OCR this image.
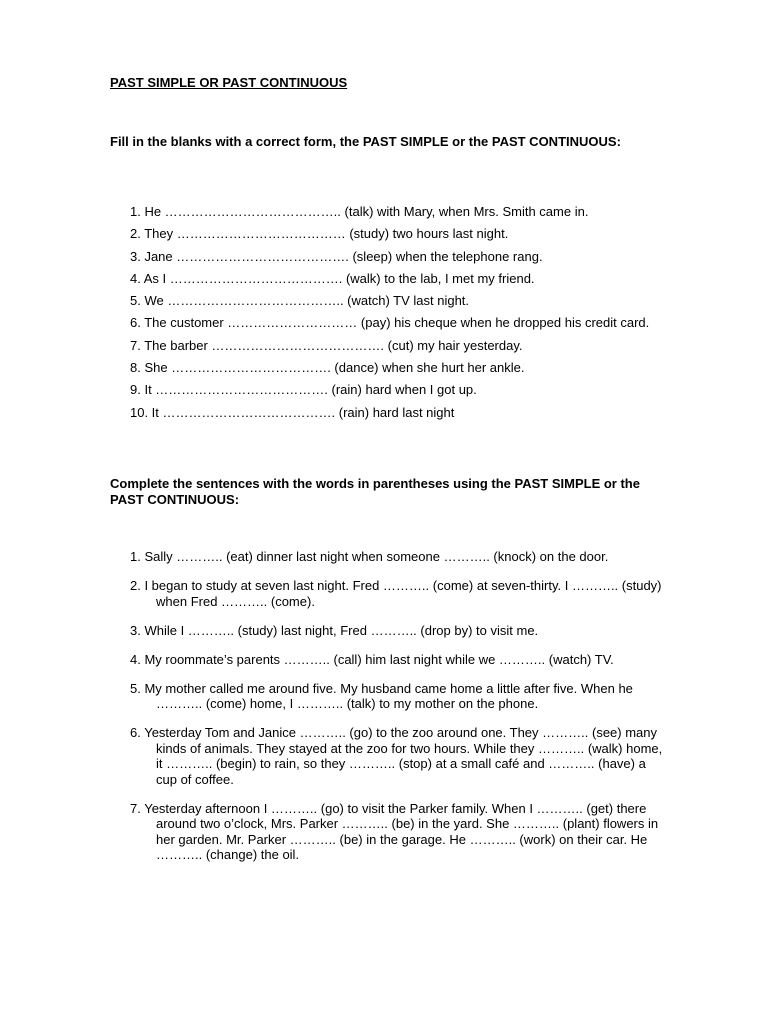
PAST SIMPLE OR PAST CONTINUOUS
Fill in the blanks with a correct form, the PAST SIMPLE or the PAST CONTINUOUS:
1. He ………………………………….. (talk) with Mary, when Mrs. Smith came in.
2. They ………………………………… (study) two hours last night.
3. Jane …………………………………. (sleep) when the telephone rang.
4. As I …………………………………. (walk) to the lab, I met my friend.
5. We ………………………………….. (watch) TV last night.
6. The customer ………………………… (pay) his cheque when he dropped his credit card.
7. The barber …………………………………. (cut) my hair yesterday.
8. She ………………………………. (dance) when she hurt her ankle.
9. It …………………………………. (rain) hard when I got up.
10. It …………………………………. (rain) hard last night
Complete the sentences with the words in parentheses using the PAST SIMPLE or the PAST CONTINUOUS:
1. Sally ……….. (eat) dinner last night when someone ……….. (knock) on the door.
2. I began to study at seven last night. Fred ……….. (come) at seven-thirty. I ……….. (study) when Fred ……….. (come).
3. While I ……….. (study) last night, Fred ……….. (drop by) to visit me.
4. My roommate’s parents ……….. (call) him last night while we ……….. (watch) TV.
5. My mother called me around five. My husband came home a little after five. When he ……….. (come) home, I ……….. (talk) to my mother on the phone.
6. Yesterday Tom and Janice ……….. (go) to the zoo around one. They ……….. (see) many kinds of animals. They stayed at the zoo for two hours. While they ……….. (walk) home, it ……….. (begin) to rain, so they ……….. (stop) at a small café and ……….. (have) a cup of coffee.
7. Yesterday afternoon I ……….. (go) to visit the Parker family. When I ……….. (get) there around two o’clock, Mrs. Parker ……….. (be) in the yard. She ……….. (plant) flowers in her garden. Mr. Parker ……….. (be) in the garage. He ……….. (work) on their car. He ……….. (change) the oil.
